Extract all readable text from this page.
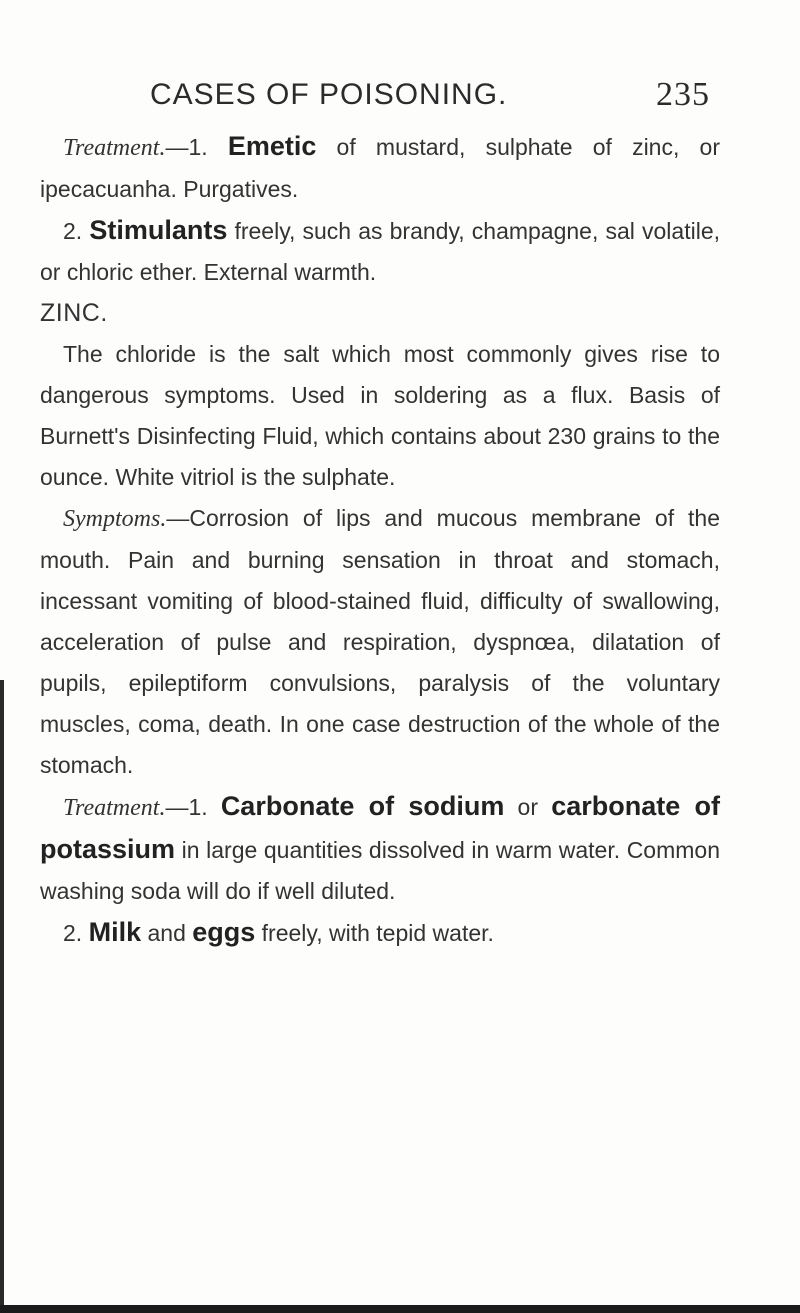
CASES OF POISONING.	235

Treatment.—1. Emetic of mustard, sulphate of zinc, or ipecacuanha. Purgatives.

2. Stimulants freely, such as brandy, champagne, sal volatile, or chloric ether. External warmth.

ZINC.

The chloride is the salt which most commonly gives rise to dangerous symptoms. Used in soldering as a flux. Basis of Burnett's Disinfecting Fluid, which contains about 230 grains to the ounce. White vitriol is the sulphate.

Symptoms.—Corrosion of lips and mucous membrane of the mouth. Pain and burning sensation in throat and stomach, incessant vomiting of blood-stained fluid, difficulty of swallowing, acceleration of pulse and respiration, dyspnœa, dilatation of pupils, epileptiform convulsions, paralysis of the voluntary muscles, coma, death. In one case destruction of the whole of the stomach.

Treatment.—1. Carbonate of sodium or carbonate of potassium in large quantities dissolved in warm water. Common washing soda will do if well diluted.

2. Milk and eggs freely, with tepid water.
